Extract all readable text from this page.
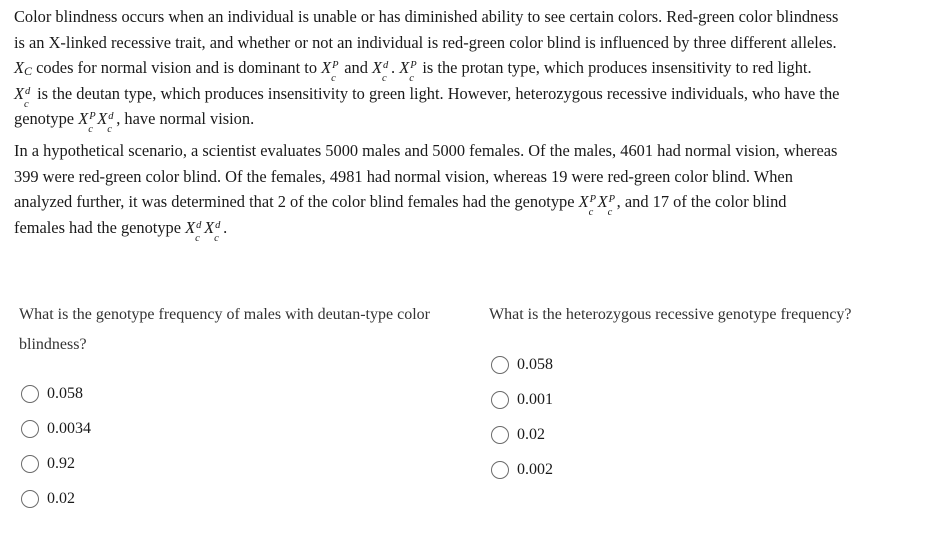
Color blindness occurs when an individual is unable or has diminished ability to see certain colors. Red-green color blindness
is an X-linked recessive trait, and whether or not an individual is red-green color blind is influenced by three different alleles.
$X_C$ codes for normal vision and is dominant to X P
c
and X d
c
. X P
c
is the protan type, which produces insensitivity to red light.
X d
c
is the deutan type, which produces insensitivity to green light. However, heterozygous recessive individuals, who have the
genotype X P
c
X d
c
, have normal vision.
In a hypothetical scenario, a scientist evaluates 5000 males and 5000 females. Of the males, 4601 had normal vision, whereas
399 were red-green color blind. Of the females, 4981 had normal vision, whereas 19 were red-green color blind. When
analyzed further, it was determined that 2 of the color blind females had the genotype X P
c
X P
c
, and 17 of the color blind
females had the genotype X d
c
X d
c
.
What is the genotype frequency of males with deutan-type color blindness?
0.058
0.0034
0.92
0.02
What is the heterozygous recessive genotype frequency?
0.058
0.001
0.02
0.002
